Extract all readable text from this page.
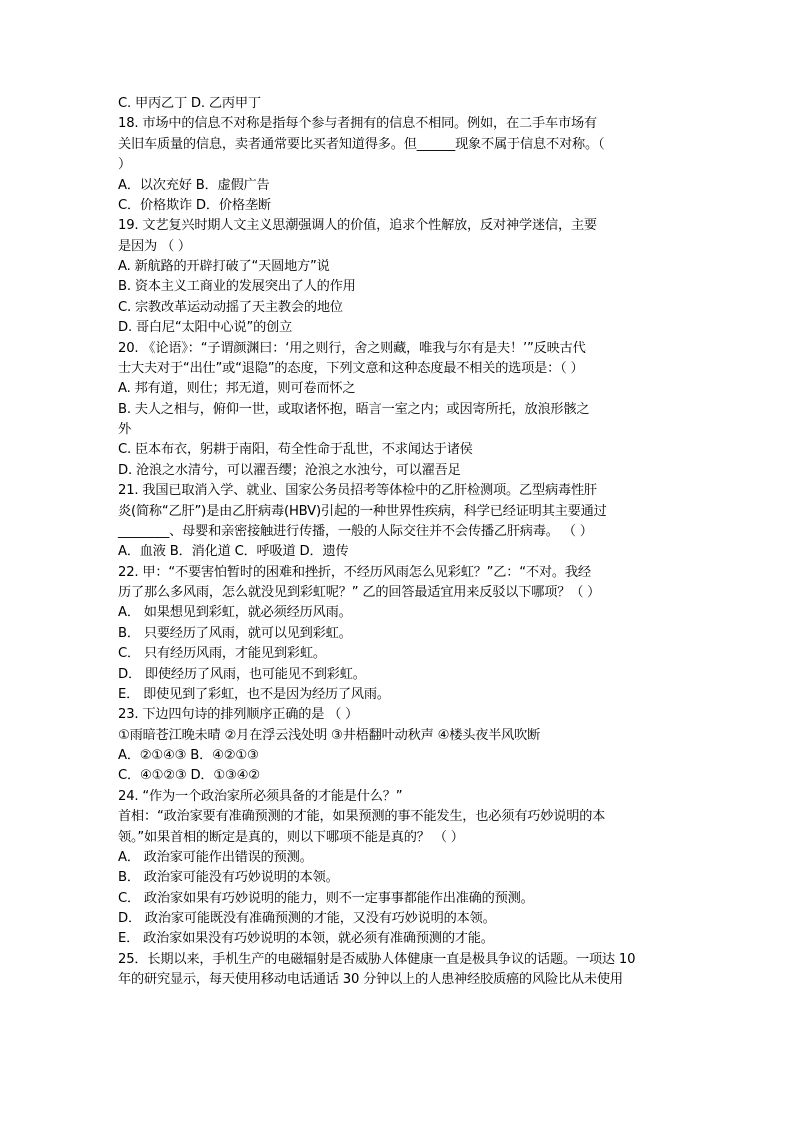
C. 甲丙乙丁 D. 乙丙甲丁
18. 市场中的信息不对称是指每个参与者拥有的信息不相同。例如，在二手车市场有
关旧车质量的信息，卖者通常要比买者知道得多。但______现象不属于信息不对称。（
）
A．以次充好 B．虚假广告
C．价格欺诈 D．价格垄断
19. 文艺复兴时期人文主义思潮强调人的价值，追求个性解放，反对神学迷信，主要
是因为 （ ）
A. 新航路的开辟打破了“天圆地方”说
B. 资本主义工商业的发展突出了人的作用
C. 宗教改革运动动摇了天主教会的地位
D. 哥白尼“太阳中心说”的创立
20. 《论语》：“子谓颜渊曰：‘用之则行，舍之则藏，唯我与尔有是夫！’”反映古代
士大夫对于“出仕”或“退隐”的态度，下列文意和这种态度最不相关的选项是：（ ）
A. 邦有道，则仕；邦无道，则可卷而怀之
B. 夫人之相与，俯仰一世，或取诸怀抱，晤言一室之内；或因寄所托，放浪形骸之
外
C. 臣本布衣，躬耕于南阳，苟全性命于乱世，不求闻达于诸侯
D. 沧浪之水清兮，可以濯吾缨；沧浪之水浊兮，可以濯吾足
21. 我国已取消入学、就业、国家公务员招考等体检中的乙肝检测项。乙型病毒性肝
炎(简称“乙肝”)是由乙肝病毒(HBV)引起的一种世界性疾病，科学已经证明其主要通过
________、母婴和亲密接触进行传播，一般的人际交往并不会传播乙肝病毒。 （ ）
A．血液 B．消化道 C．呼吸道 D．遗传
22. 甲：“不要害怕暂时的困难和挫折，不经历风雨怎么见彩虹？”乙：“不对。我经
历了那么多风雨，怎么就没见到彩虹呢？” 乙的回答最适宜用来反驳以下哪项？（ ）
A． 如果想见到彩虹，就必须经历风雨。
B． 只要经历了风雨，就可以见到彩虹。
C． 只有经历风雨，才能见到彩虹。
D． 即使经历了风雨，也可能见不到彩虹。
E． 即使见到了彩虹，也不是因为经历了风雨。
23. 下边四句诗的排列顺序正确的是 （ ）
①雨暗苍江晚未晴 ②月在浮云浅处明 ③井梧翻叶动秋声 ④楼头夜半风吹断
A．②①④③ B．④②①③
C．④①②③ D．①③④②
24. “作为一个政治家所必须具备的才能是什么？”
首相：“政治家要有准确预测的才能，如果预测的事不能发生，也必须有巧妙说明的本
领。”如果首相的断定是真的，则以下哪项不能是真的？ （ ）
A． 政治家可能作出错误的预测。
B． 政治家可能没有巧妙说明的本领。
C． 政治家如果有巧妙说明的能力，则不一定事事都能作出准确的预测。
D． 政治家可能既没有准确预测的才能，又没有巧妙说明的本领。
E． 政治家如果没有巧妙说明的本领，就必须有准确预测的才能。
25．长期以来，手机生产的电磁辐射是否威胁人体健康一直是极具争议的话题。一项达 10
年的研究显示，每天使用移动电话通话 30 分钟以上的人患神经胶质癌的风险比从未使用
